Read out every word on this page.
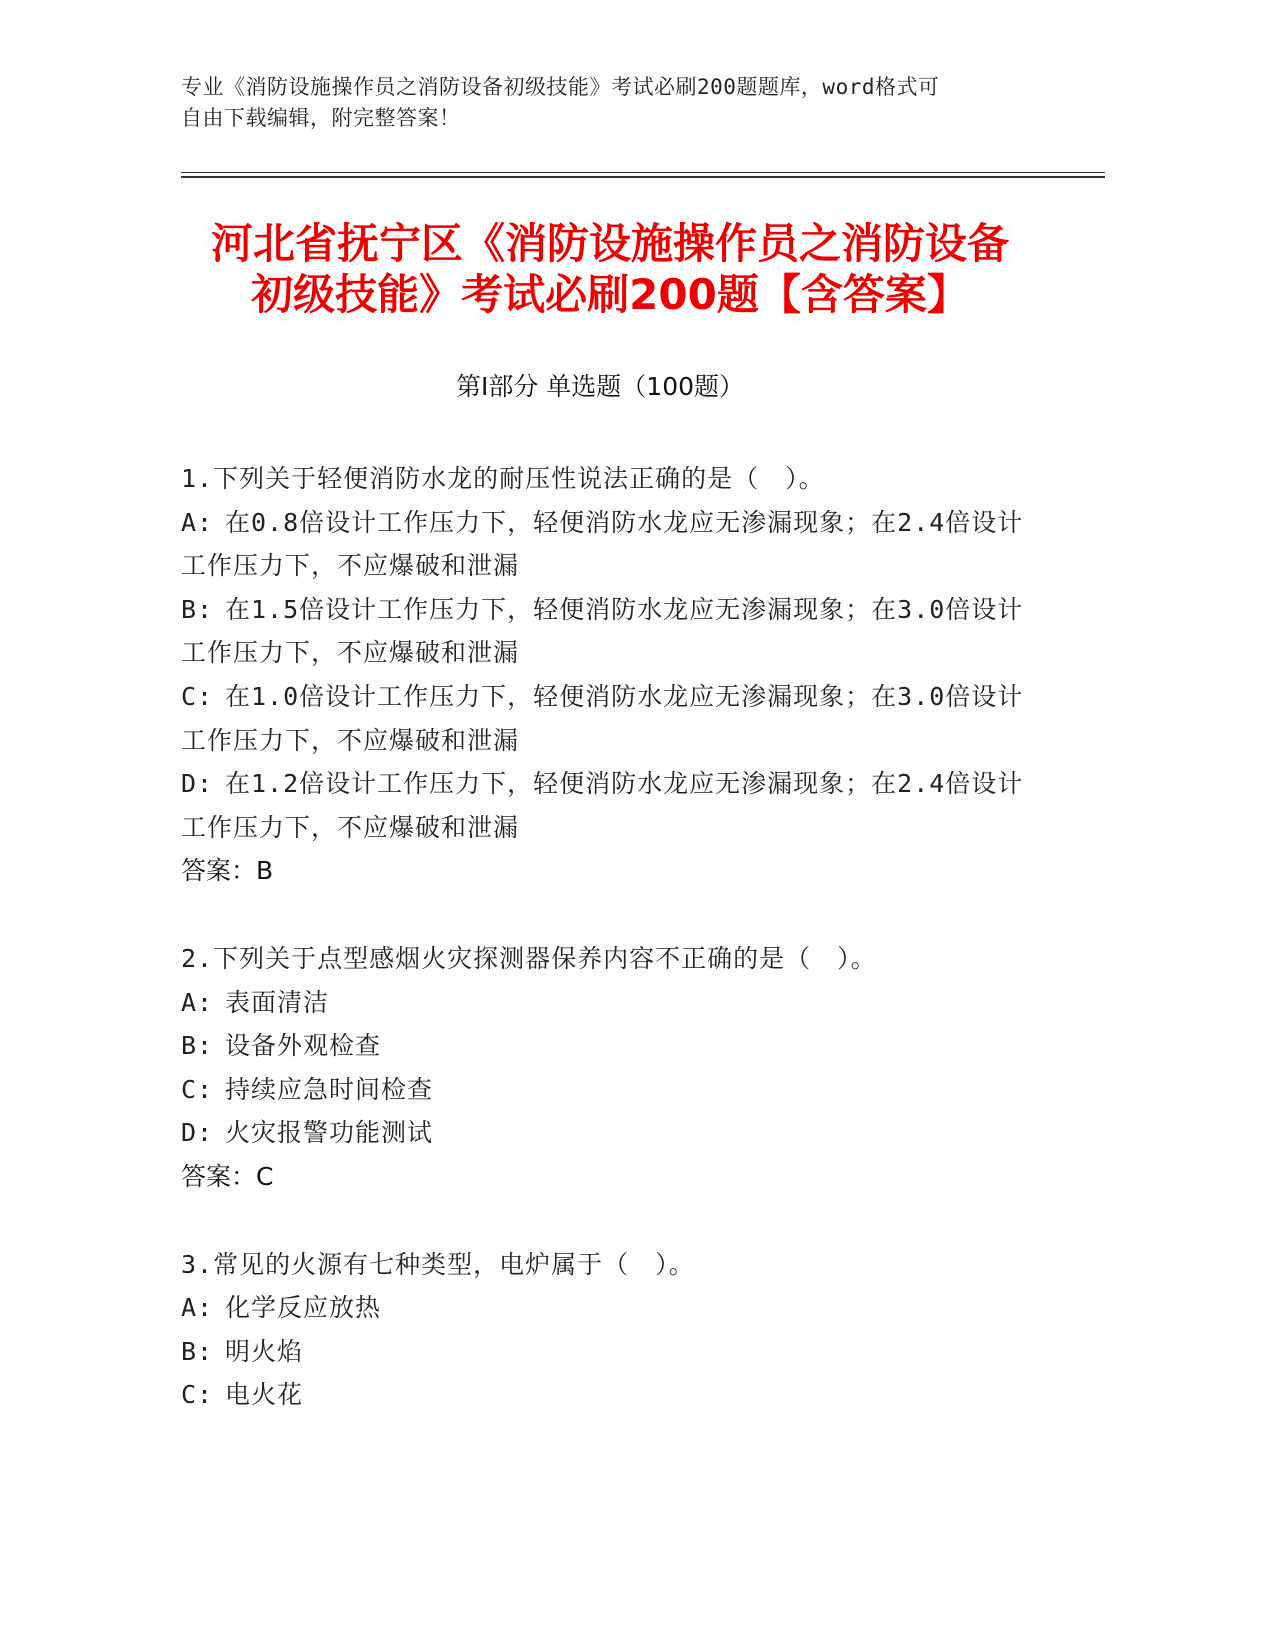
专业《消防设施操作员之消防设备初级技能》考试必刷200题题库，word格式可
自由下载编辑，附完整答案！
河北省抚宁区《消防设施操作员之消防设备
初级技能》考试必刷200题【含答案】
第Ⅰ部分 单选题（100题）
1.下列关于轻便消防水龙的耐压性说法正确的是（　）。
A: 在0.8倍设计工作压力下，轻便消防水龙应无渗漏现象；在2.4倍设计工作压力下，不应爆破和泄漏
B: 在1.5倍设计工作压力下，轻便消防水龙应无渗漏现象；在3.0倍设计工作压力下，不应爆破和泄漏
C: 在1.0倍设计工作压力下，轻便消防水龙应无渗漏现象；在3.0倍设计工作压力下，不应爆破和泄漏
D: 在1.2倍设计工作压力下，轻便消防水龙应无渗漏现象；在2.4倍设计工作压力下，不应爆破和泄漏
答案：B
2.下列关于点型感烟火灾探测器保养内容不正确的是（　）。
A: 表面清洁
B: 设备外观检查
C: 持续应急时间检查
D: 火灾报警功能测试
答案：C
3.常见的火源有七种类型，电炉属于（　）。
A: 化学反应放热
B: 明火焰
C: 电火花
